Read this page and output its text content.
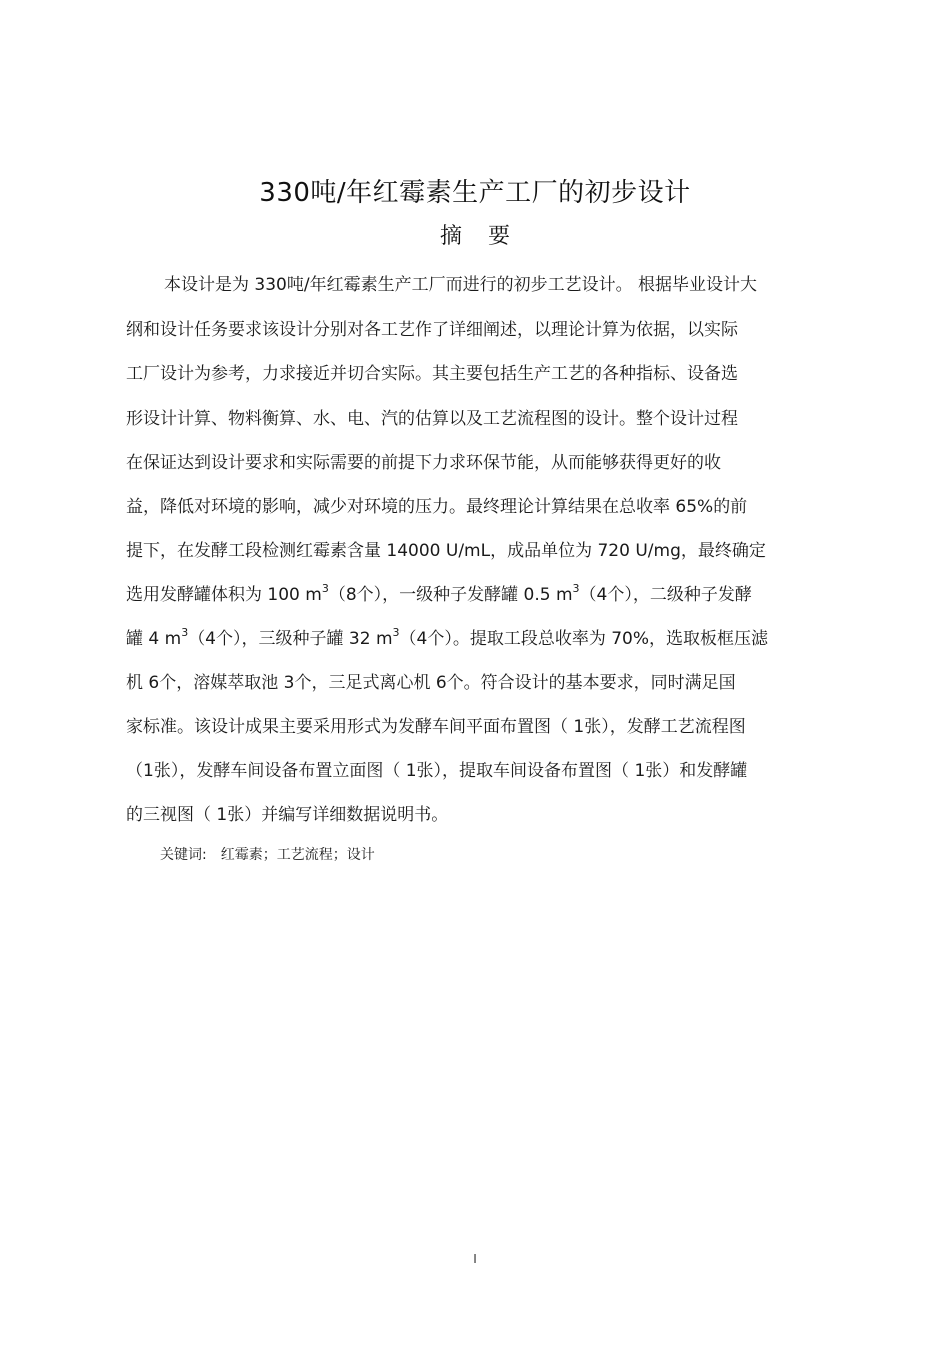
330吨/年红霉素生产工厂的初步设计
摘要
本设计是为 330吨/年红霉素生产工厂而进行的初步工艺设计。 根据毕业设计大
纲和设计任务要求该设计分别对各工艺作了详细阐述，以理论计算为依据，以实际
工厂设计为参考，力求接近并切合实际。其主要包括生产工艺的各种指标、设备选
形设计计算、物料衡算、水、电、汽的估算以及工艺流程图的设计。整个设计过程
在保证达到设计要求和实际需要的前提下力求环保节能，从而能够获得更好的收
益，降低对环境的影响，减少对环境的压力。最终理论计算结果在总收率 65%的前
提下，在发酵工段检测红霉素含量 14000 U/mL，成品单位为 720 U/mg，最终确定
选用发酵罐体积为 100 $m^3(8$个），一级种子发酵罐 0.5 $m^3(4$个），二级种子发酵
罐 4 $m^3(4$个），三级种子罐 32 $m^3(4$个）。提取工段总收率为 70%，选取板框压滤
机 6个，溶媒萃取池 3个，三足式离心机 6个。符合设计的基本要求，同时满足国
家标准。该设计成果主要采用形式为发酵车间平面布置图（ 1张），发酵工艺流程图
（1张），发酵车间设备布置立面图（ 1张），提取车间设备布置图（ 1张）和发酵罐
的三视图（ 1张）并编写详细数据说明书。
关键词: 红霉素；工艺流程；设计
I
